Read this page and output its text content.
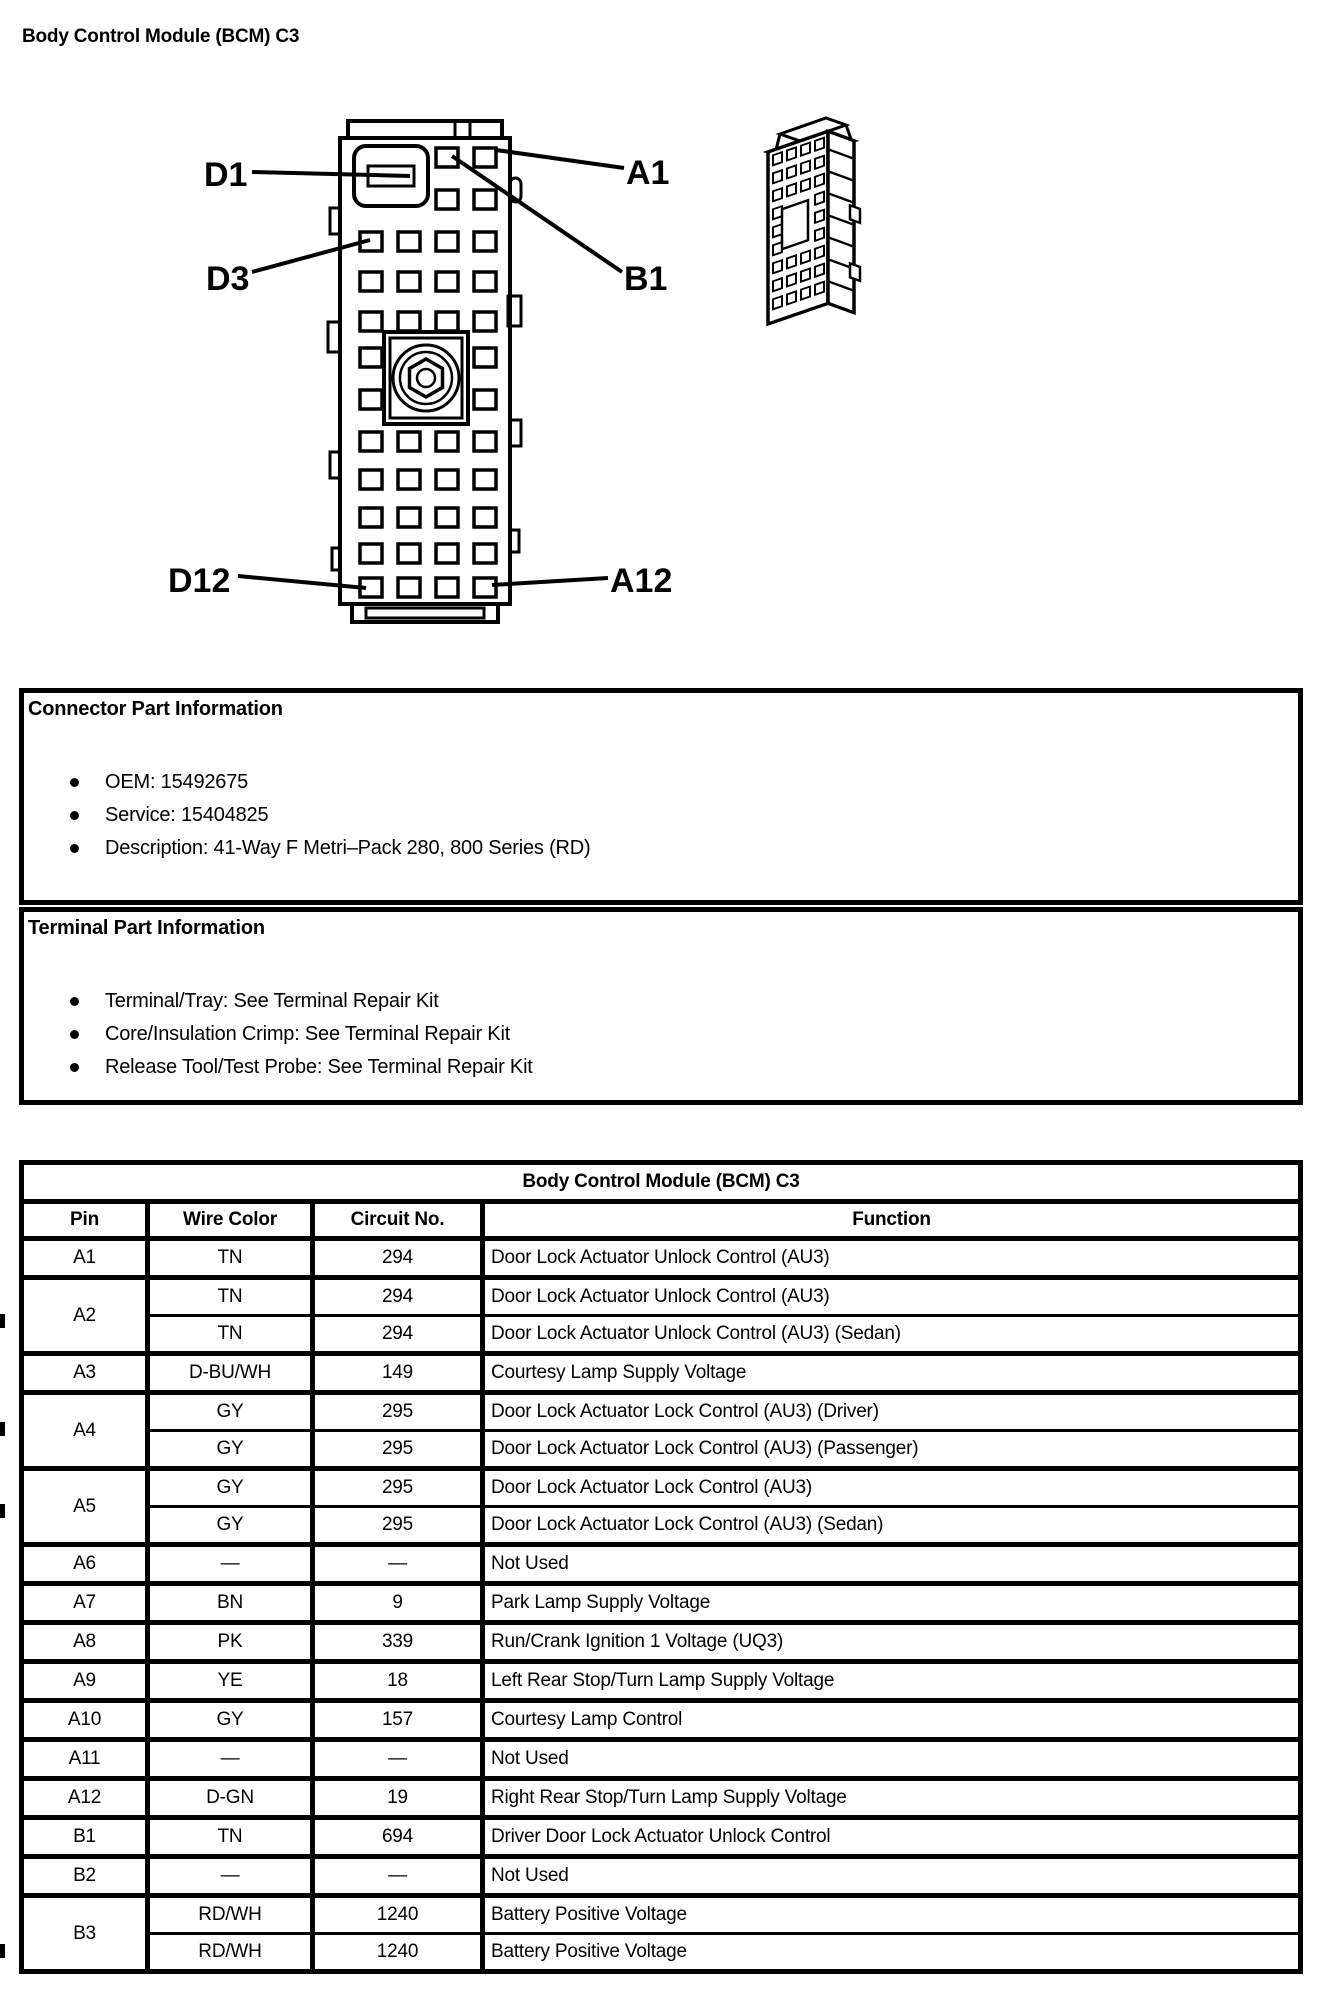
Body Control Module (BCM) C3
D1	A1
D3	B1
D12	A12
Connector Part Information
OEM: 15492675
Service: 15404825
Description: 41-Way F Metri–Pack 280, 800 Series (RD)
Terminal Part Information
Terminal/Tray: See Terminal Repair Kit
Core/Insulation Crimp: See Terminal Repair Kit
Release Tool/Test Probe: See Terminal Repair Kit
Body Control Module (BCM) C3			
Pin	Wire Color	Circuit No.	Function
A1	TN	294	Door Lock Actuator Unlock Control (AU3)
A2	TN	294	Door Lock Actuator Unlock Control (AU3)
	TN	294	Door Lock Actuator Unlock Control (AU3) (Sedan)
A3	D-BU/WH	149	Courtesy Lamp Supply Voltage
A4	GY	295	Door Lock Actuator Lock Control (AU3) (Driver)
	GY	295	Door Lock Actuator Lock Control (AU3) (Passenger)
A5	GY	295	Door Lock Actuator Lock Control (AU3)
	GY	295	Door Lock Actuator Lock Control (AU3) (Sedan)
A6	—	—	Not Used
A7	BN	9	Park Lamp Supply Voltage
A8	PK	339	Run/Crank Ignition 1 Voltage (UQ3)
A9	YE	18	Left Rear Stop/Turn Lamp Supply Voltage
A10	GY	157	Courtesy Lamp Control
A11	—	—	Not Used
A12	D-GN	19	Right Rear Stop/Turn Lamp Supply Voltage
B1	TN	694	Driver Door Lock Actuator Unlock Control
B2	—	—	Not Used
B3	RD/WH	1240	Battery Positive Voltage
	RD/WH	1240	Battery Positive Voltage
